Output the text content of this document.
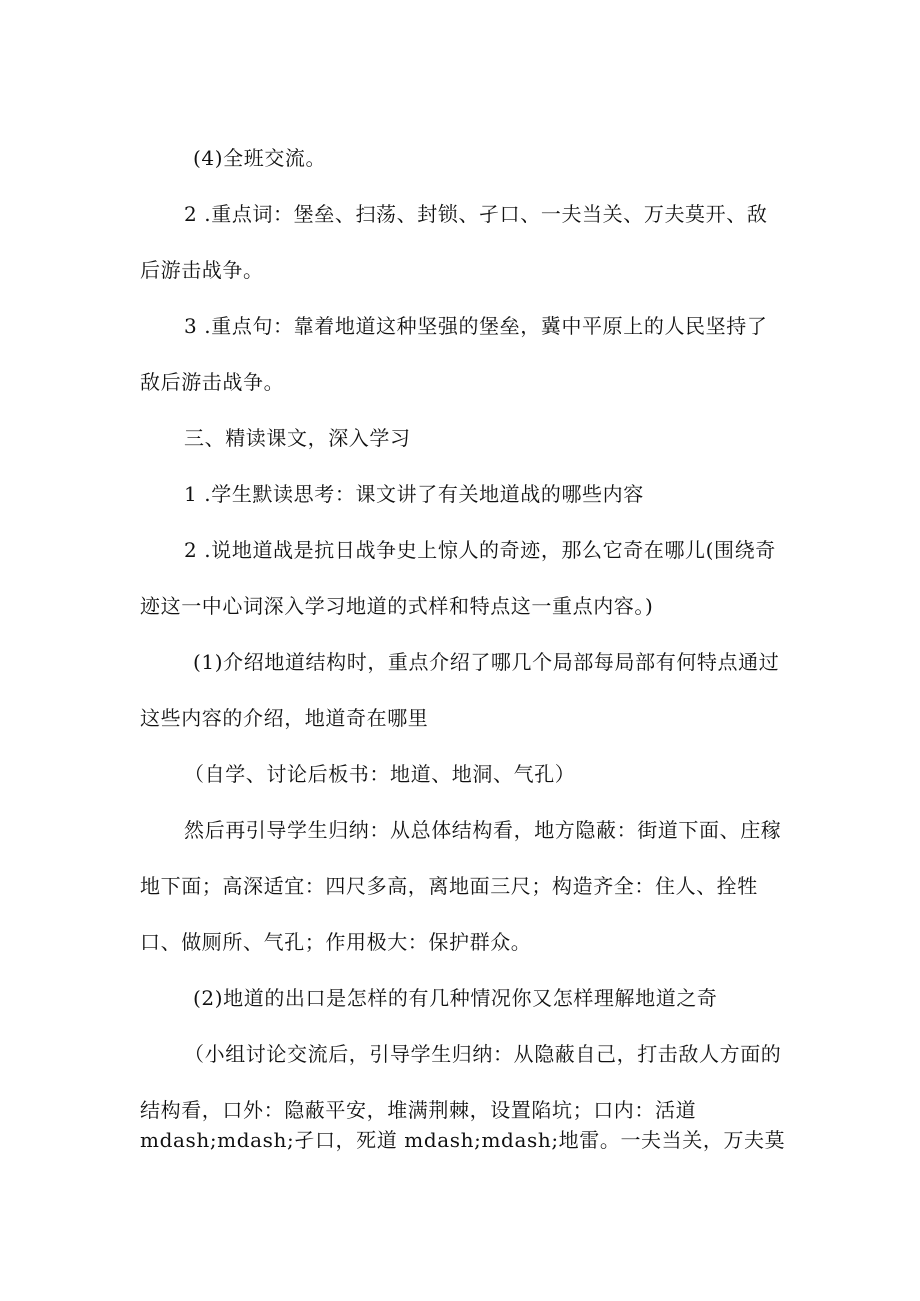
(4)全班交流。
2 .重点词：堡垒、扫荡、封锁、孑口、一夫当关、万夫莫开、敌
后游击战争。
3 .重点句：靠着地道这种坚强的堡垒，冀中平原上的人民坚持了
敌后游击战争。
三、精读课文，深入学习
1 .学生默读思考：课文讲了有关地道战的哪些内容
2 .说地道战是抗日战争史上惊人的奇迹，那么它奇在哪儿(围绕奇
迹这一中心词深入学习地道的式样和特点这一重点内容。)
(1)介绍地道结构时，重点介绍了哪几个局部每局部有何特点通过
这些内容的介绍，地道奇在哪里
（自学、讨论后板书：地道、地洞、气孔）
然后再引导学生归纳：从总体结构看，地方隐蔽：街道下面、庄稼
地下面；高深适宜：四尺多高，离地面三尺；构造齐全：住人、拴牲
口、做厕所、气孔；作用极大：保护群众。
(2)地道的出口是怎样的有几种情况你又怎样理解地道之奇
（小组讨论交流后，引导学生归纳：从隐蔽自己，打击敌人方面的
结构看，口外：隐蔽平安，堆满荆棘，设置陷坑；口内：活道
mdash;mdash;孑口，死道 mdash;mdash;地雷。一夫当关，万夫莫
